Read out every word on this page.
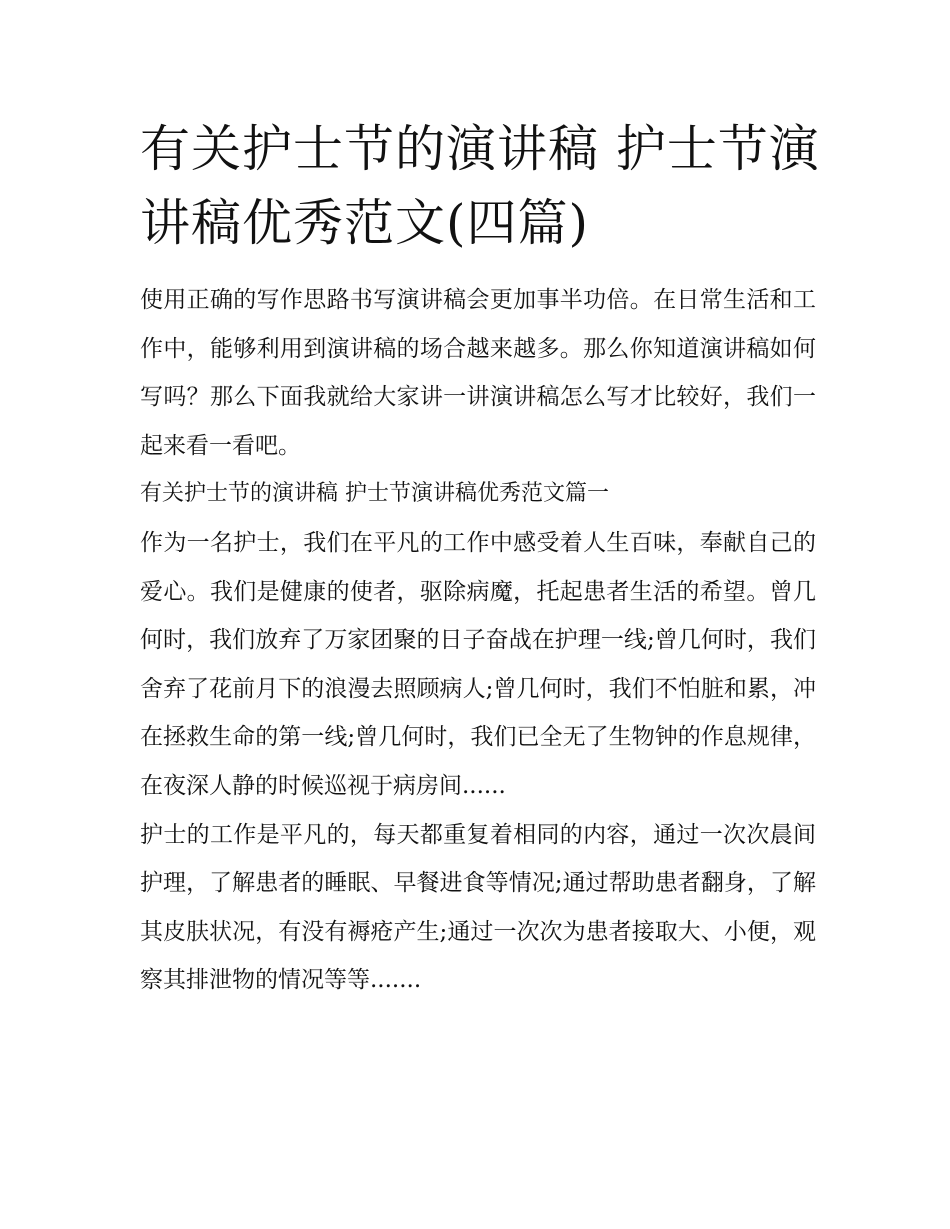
有关护士节的演讲稿 护士节演讲稿优秀范文(四篇)

使用正确的写作思路书写演讲稿会更加事半功倍。在日常生活和工作中，能够利用到演讲稿的场合越来越多。那么你知道演讲稿如何写吗？那么下面我就给大家讲一讲演讲稿怎么写才比较好，我们一起来看一看吧。

有关护士节的演讲稿 护士节演讲稿优秀范文篇一

作为一名护士，我们在平凡的工作中感受着人生百味，奉献自己的爱心。我们是健康的使者，驱除病魔，托起患者生活的希望。曾几何时，我们放弃了万家团聚的日子奋战在护理一线;曾几何时，我们舍弃了花前月下的浪漫去照顾病人;曾几何时，我们不怕脏和累，冲在拯救生命的第一线;曾几何时，我们已全无了生物钟的作息规律，在夜深人静的时候巡视于病房间......

护士的工作是平凡的，每天都重复着相同的内容，通过一次次晨间护理，了解患者的睡眠、早餐进食等情况;通过帮助患者翻身，了解其皮肤状况，有没有褥疮产生;通过一次次为患者接取大、小便，观察其排泄物的情况等等.......
